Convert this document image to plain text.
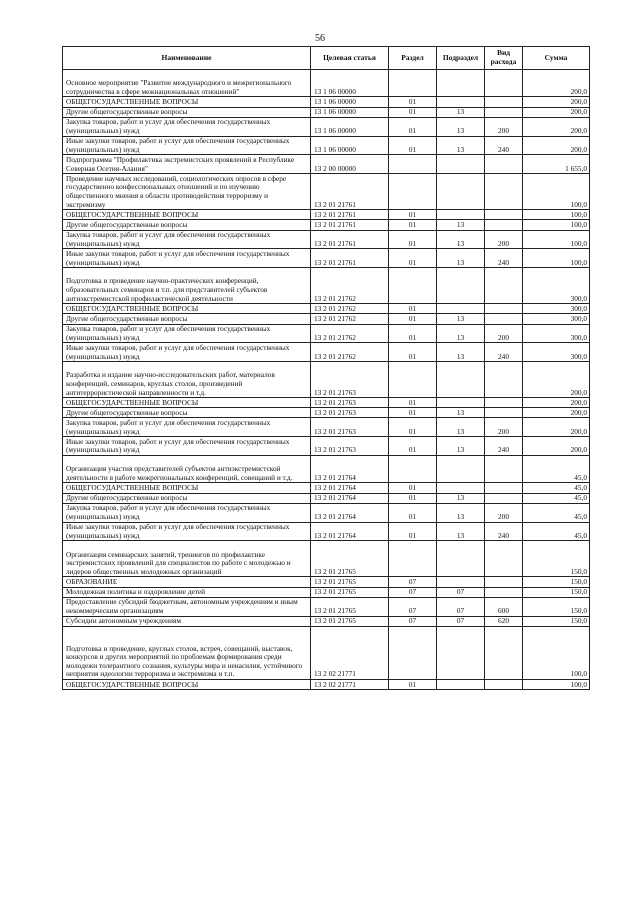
56
Наименование	Целевая статья	Раздел	Подраздел	Вид расхода	Сумма
Основное мероприятие "Развитие международного и межрегионального сотрудничества в сфере межнациональных отношений"	13 1 06 00000				200,0
ОБЩЕГОСУДАРСТВЕННЫЕ ВОПРОСЫ	13 1 06 00000	01			200,0
Другие общегосударственные вопросы	13 1 06 00000	01	13		200,0
Закупка товаров, работ и услуг для обеспечения государственных (муниципальных) нужд	13 1 06 00000	01	13	200	200,0
Иные закупки товаров, работ и услуг для обеспечения государственных (муниципальных) нужд	13 1 06 00000	01	13	240	200,0
Подпрограмма "Профилактика экстремистских проявлений в Республике Северная Осетия-Алания"	13 2 00 00000				1 655,0
Проведение научных исследований, социологических опросов в сфере государственно конфессиональных отношений и по изучению общественного мнения в области противодействия терроризму и экстремизму	13 2 01 21761				100,0
ОБЩЕГОСУДАРСТВЕННЫЕ ВОПРОСЫ	13 2 01 21761	01			100,0
Другие общегосударственные вопросы	13 2 01 21761	01	13		100,0
Закупка товаров, работ и услуг для обеспечения государственных (муниципальных) нужд	13 2 01 21761	01	13	200	100,0
Иные закупки товаров, работ и услуг для обеспечения государственных (муниципальных) нужд	13 2 01 21761	01	13	240	100,0
Подготовка и проведение научно-практических конференций, образовательных семинаров и т.п. для представителей субъектов антиэкстремистской профилактической деятельности	13 2 01 21762				300,0
ОБЩЕГОСУДАРСТВЕННЫЕ ВОПРОСЫ	13 2 01 21762	01			300,0
Другие общегосударственные вопросы	13 2 01 21762	01	13		300,0
Закупка товаров, работ и услуг для обеспечения государственных (муниципальных) нужд	13 2 01 21762	01	13	200	300,0
Иные закупки товаров, работ и услуг для обеспечения государственных (муниципальных) нужд	13 2 01 21762	01	13	240	300,0
Разработка и издание научно-исследовательских работ, материалов конференций, семинаров, круглых столов, произведений антитеррористической направленности и т.д.	13 2 01 21763				200,0
ОБЩЕГОСУДАРСТВЕННЫЕ ВОПРОСЫ	13 2 01 21763	01			200,0
Другие общегосударственные вопросы	13 2 01 21763	01	13		200,0
Закупка товаров, работ и услуг для обеспечения государственных (муниципальных) нужд	13 2 01 21763	01	13	200	200,0
Иные закупки товаров, работ и услуг для обеспечения государственных (муниципальных) нужд	13 2 01 21763	01	13	240	200,0
Организация участия представителей субъектов антиэкстремистской деятельности в работе межрегиональных конференций, совещаний и т.д.	13 2 01 21764				45,0
ОБЩЕГОСУДАРСТВЕННЫЕ ВОПРОСЫ	13 2 01 21764	01			45,0
Другие общегосударственные вопросы	13 2 01 21764	01	13		45,0
Закупка товаров, работ и услуг для обеспечения государственных (муниципальных) нужд	13 2 01 21764	01	13	200	45,0
Иные закупки товаров, работ и услуг для обеспечения государственных (муниципальных) нужд	13 2 01 21764	01	13	240	45,0
Организация семинарских занятий, тренингов по профилактике экстремистских проявлений для специалистов по работе с молодежью и лидеров общественных молодежных организаций	13 2 01 21765				150,0
ОБРАЗОВАНИЕ	13 2 01 21765	07			150,0
Молодежная политика и оздоровление детей	13 2 01 21765	07	07		150,0
Предоставление субсидий бюджетным, автономным учреждениям и иным некоммерческим организациям	13 2 01 21765	07	07	600	150,0
Субсидии автономным учреждениям	13 2 01 21765	07	07	620	150,0
Подготовка и проведение, круглых столов, встреч, совещаний, выставок, конкурсов и других мероприятий по проблемам формирования среди молодежи толерантного сознания, культуры мира и ненасилия, устойчивого неприятия идеологии терроризма и экстремизма и т.п.	13 2 02 21771				100,0
ОБЩЕГОСУДАРСТВЕННЫЕ ВОПРОСЫ	13 2 02 21771	01			100,0
